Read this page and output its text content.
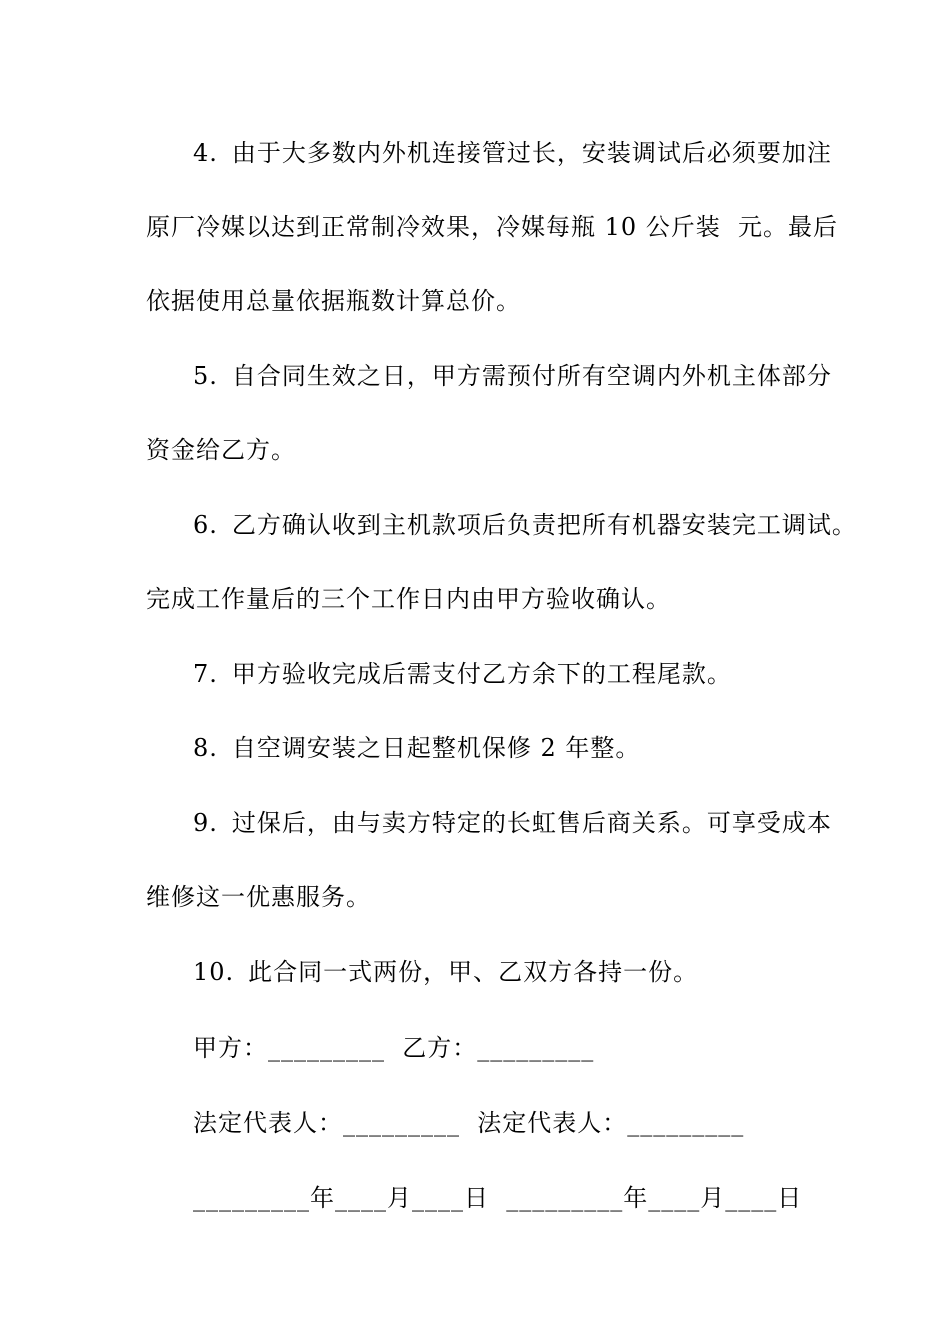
4. 由于大多数内外机连接管过长，安装调试后必须要加注
原厂冷媒以达到正常制冷效果，冷媒每瓶 10 公斤装  元。最后
依据使用总量依据瓶数计算总价。
5. 自合同生效之日，甲方需预付所有空调内外机主体部分
资金给乙方。
6. 乙方确认收到主机款项后负责把所有机器安装完工调试。
完成工作量后的三个工作日内由甲方验收确认。
7. 甲方验收完成后需支付乙方余下的工程尾款。
8. 自空调安装之日起整机保修 2 年整。
9. 过保后，由与卖方特定的长虹售后商关系。可享受成本
维修这一优惠服务。
10. 此合同一式两份，甲、乙双方各持一份。
甲方：_________  乙方：_________
法定代表人：_________  法定代表人：_________
_________年____月____日  _________年____月____日
